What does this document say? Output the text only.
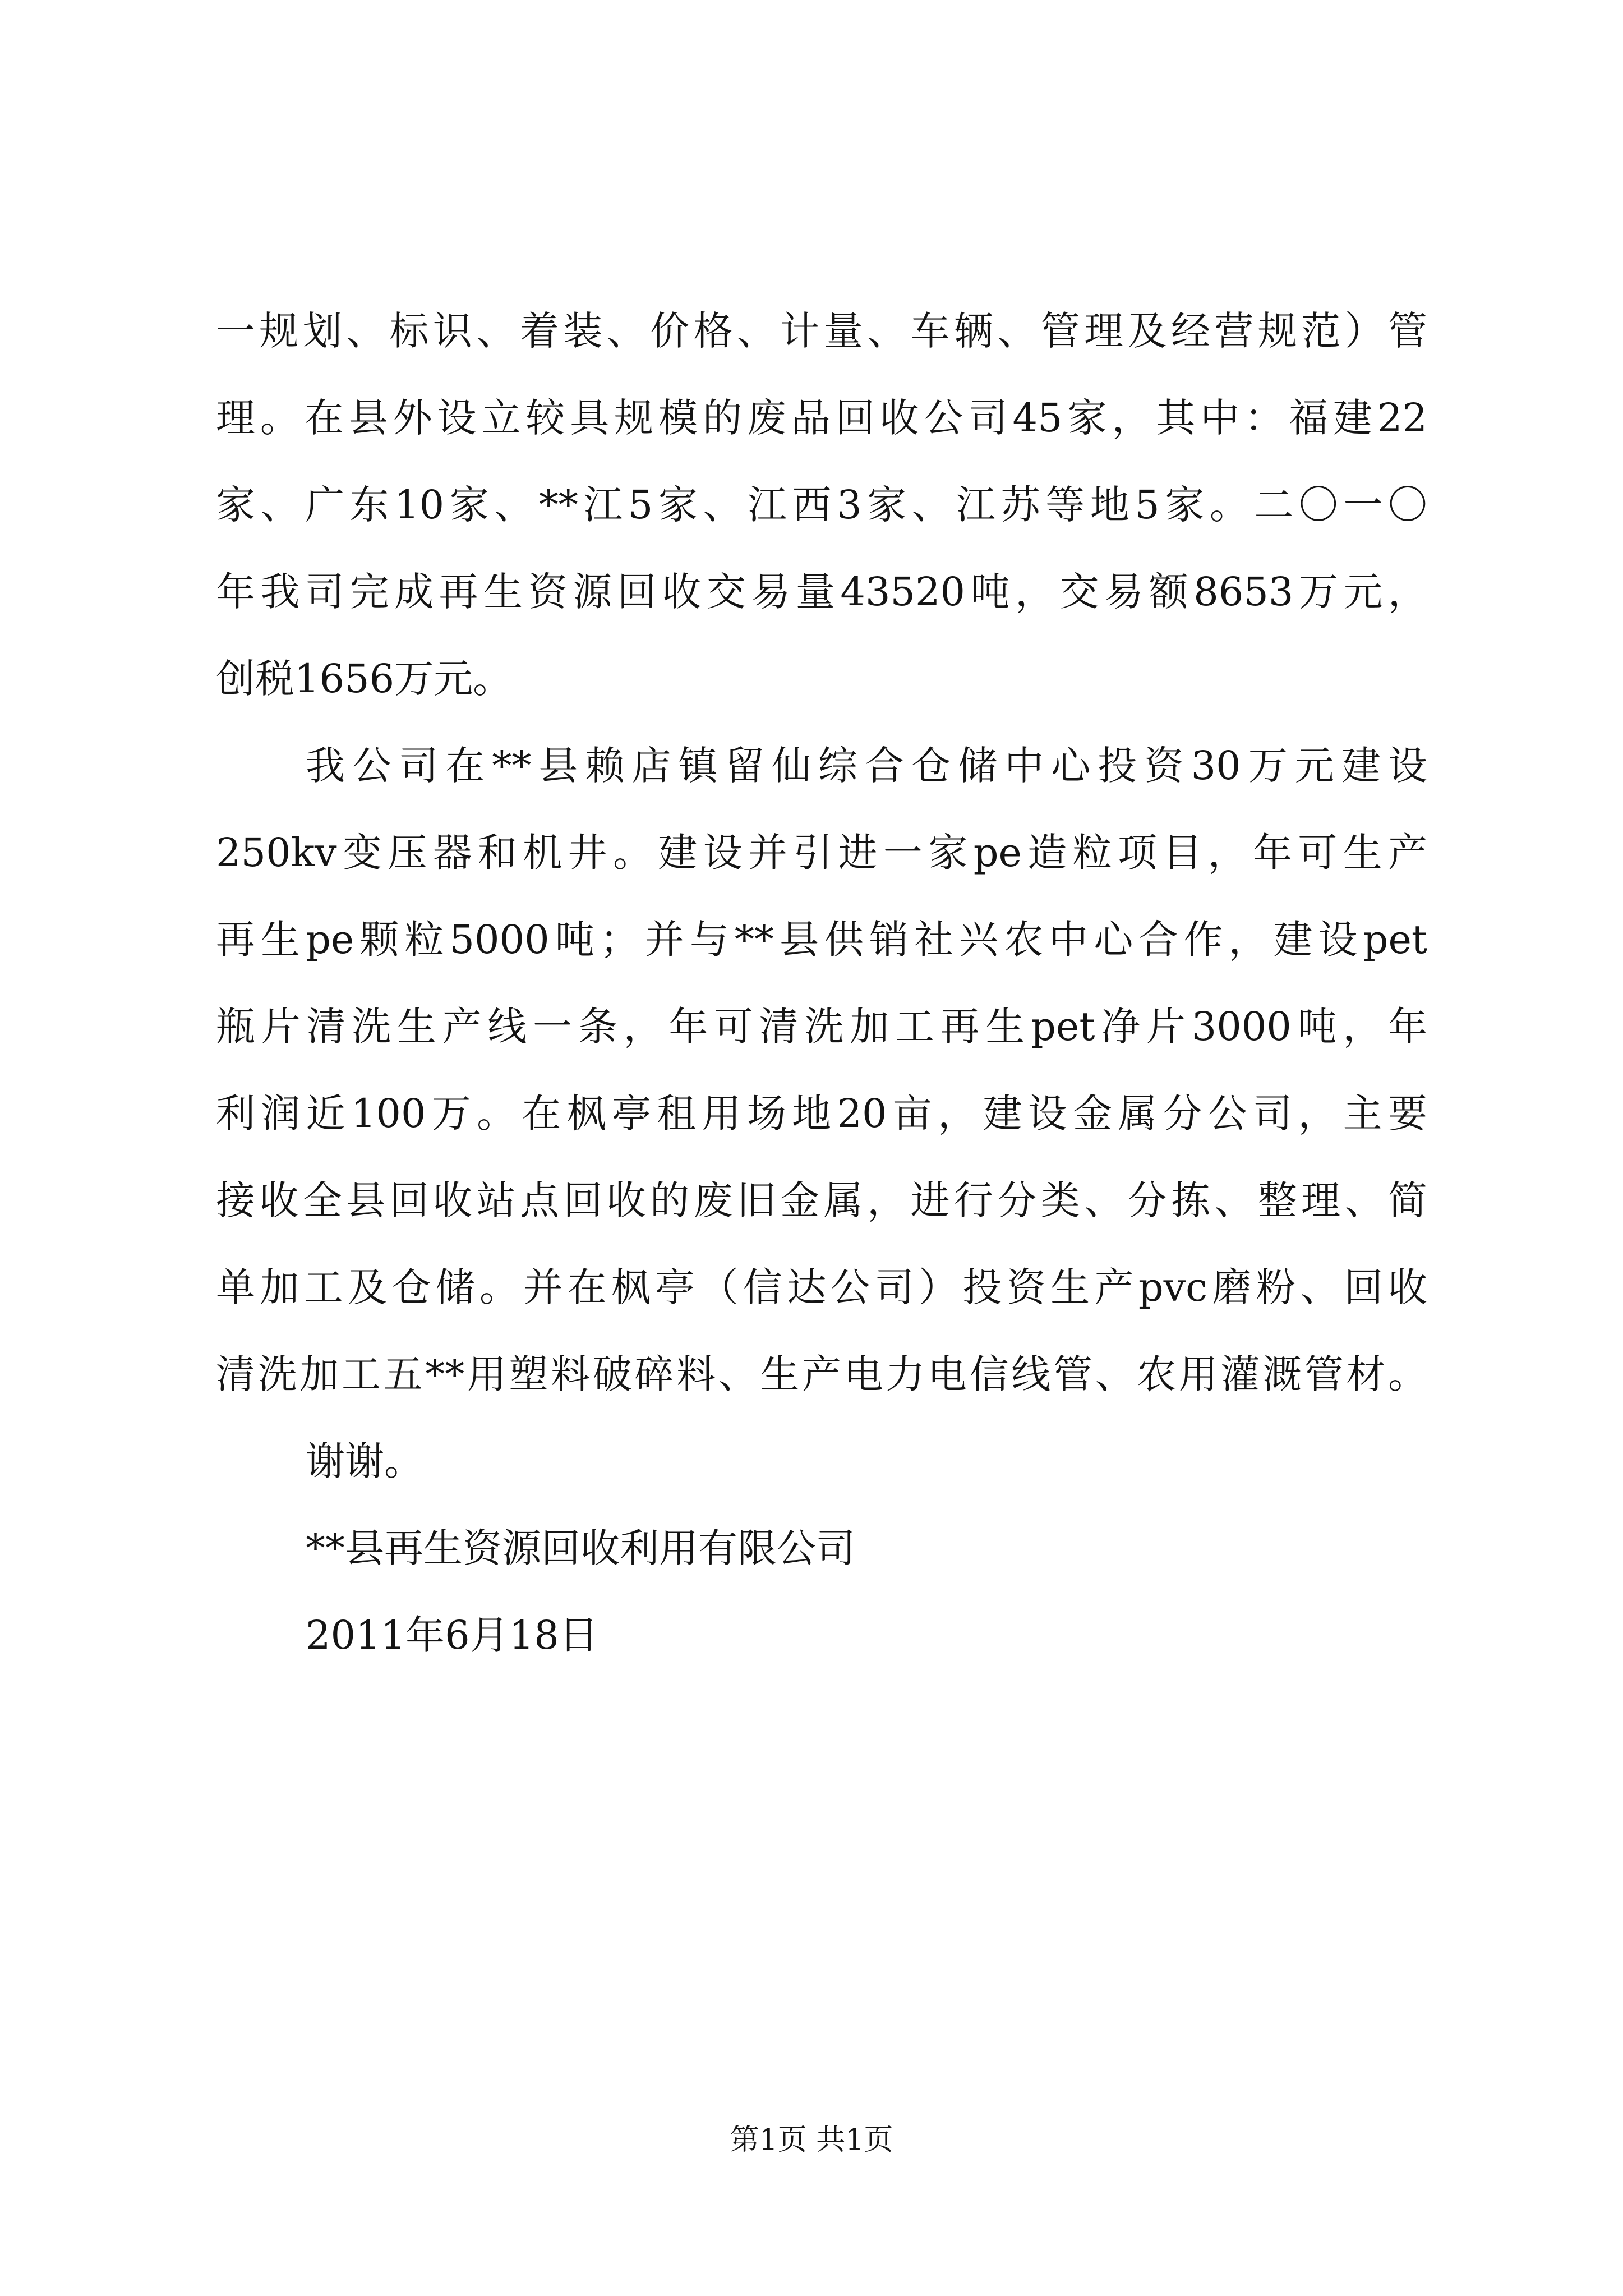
一规划、标识、着装、价格、计量、车辆、管理及经营规范）管
理。在县外设立较具规模的废品回收公司45家，其中：福建22
家、广东10家、**江5家、江西3家、江苏等地5家。二〇一〇
年我司完成再生资源回收交易量43520吨，交易额8653万元，
创税1656万元。
我公司在**县赖店镇留仙综合仓储中心投资30万元建设
250kv变压器和机井。建设并引进一家pe造粒项目，年可生产
再生pe颗粒5000吨；并与**县供销社兴农中心合作，建设pet
瓶片清洗生产线一条，年可清洗加工再生pet净片3000吨，年
利润近100万。在枫亭租用场地20亩，建设金属分公司，主要
接收全县回收站点回收的废旧金属，进行分类、分拣、整理、简
单加工及仓储。并在枫亭（信达公司）投资生产pvc磨粉、回收
清洗加工五**用塑料破碎料、生产电力电信线管、农用灌溉管材。
谢谢。
**县再生资源回收利用有限公司
2011年6月18日
第1页 共1页
